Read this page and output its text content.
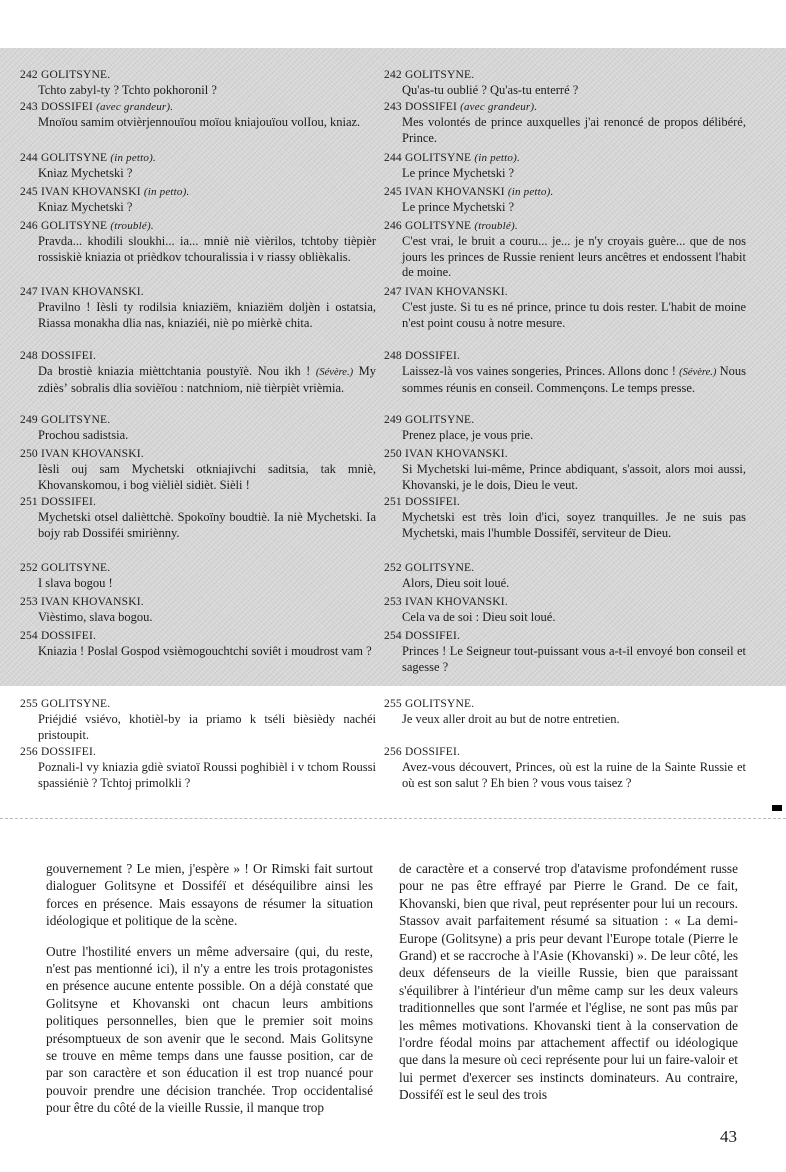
242 GOLITSYNE.
Tchto zabyl-ty ? Tchto pokhoronil ?
242 GOLITSYNE.
Qu'as-tu oublié ? Qu'as-tu enterré ?
243 DOSSIFEI (avec grandeur).
Mnoïou samim otvièrjennouïou moïou kniajouïou volIou, kniaz.
243 DOSSIFEI (avec grandeur).
Mes volontés de prince auxquelles j'ai renoncé de propos délibéré, Prince.
244 GOLITSYNE (in petto).
Kniaz Mychetski ?
244 GOLITSYNE (in petto).
Le prince Mychetski ?
245 IVAN KHOVANSKI (in petto).
Kniaz Mychetski ?
245 IVAN KHOVANSKI (in petto).
Le prince Mychetski ?
246 GOLITSYNE (troublé).
Pravda... khodili sloukhi... ia... mniè niè vièrilos, tchtoby tièpièr rossiskiè kniazia ot prièdkov tchouralissia i v riassy oblièkalis.
246 GOLITSYNE (troublé).
C'est vrai, le bruit a couru... je... je n'y croyais guère... que de nos jours les princes de Russie renient leurs ancêtres et endossent l'habit de moine.
247 IVAN KHOVANSKI.
Pravilno ! Ièsli ty rodilsia kniaziëm, kniaziëm doljèn i ostatsia, Riassa monakha dlia nas, kniaziéi, niè po mièrkè chita.
247 IVAN KHOVANSKI.
C'est juste. Si tu es né prince, prince tu dois rester. L'habit de moine n'est point cousu à notre mesure.
248 DOSSIFEI.
Da brostiè kniazia mièttchtania poustyïè. Nou ikh ! (Sévère.) My zdièsʼ sobralis dlia sovièïou : natchniom, niè tièrpièt vrièmia.
248 DOSSIFEI.
Laissez-là vos vaines songeries, Princes. Allons donc ! (Sévère.) Nous sommes réunis en conseil. Commençons. Le temps presse.
249 GOLITSYNE.
Prochou sadistsia.
249 GOLITSYNE.
Prenez place, je vous prie.
250 IVAN KHOVANSKI.
Ièsli ouj sam Mychetski otkniajivchi saditsia, tak mniè, Khovanskomou, i bog vièlièl sidièt. Sièli !
250 IVAN KHOVANSKI.
Si Mychetski lui-même, Prince abdiquant, s'assoit, alors moi aussi, Khovanski, je le dois, Dieu le veut.
251 DOSSIFEI.
Mychetski otsel dalièttchè. Spokoïny boudtiè. Ia niè Mychetski. Ia bojy rab Dossiféi smiriènny.
251 DOSSIFEI.
Mychetski est très loin d'ici, soyez tranquilles. Je ne suis pas Mychetski, mais l'humble Dossiféï, serviteur de Dieu.
252 GOLITSYNE.
I slava bogou !
252 GOLITSYNE.
Alors, Dieu soit loué.
253 IVAN KHOVANSKI.
Vièstimo, slava bogou.
253 IVAN KHOVANSKI.
Cela va de soi : Dieu soit loué.
254 DOSSIFEI.
Kniazia ! Poslal Gospod vsièmogouchtchi soviêt i moudrost vam ?
254 DOSSIFEI.
Princes ! Le Seigneur tout-puissant vous a-t-il envoyé bon conseil et sagesse ?
255 GOLITSYNE.
Priéjdié vsiévo, khotièl-by ia priamo k tséli bièsièdy nachéi pristoupit.
255 GOLITSYNE.
Je veux aller droit au but de notre entretien.
256 DOSSIFEI.
Poznali-l vy kniazia gdiè sviatoï Roussi poghibièl i v tchom Roussi spassiéniè ? Tchtoj primolkli ?
256 DOSSIFEI.
Avez-vous découvert, Princes, où est la ruine de la Sainte Russie et où est son salut ? Eh bien ? vous vous taisez ?

gouvernement ? Le mien, j'espère » ! Or Rimski fait surtout dialoguer Golitsyne et Dossiféï et déséquilibre ainsi les forces en présence. Mais essayons de résumer la situation idéologique et politique de la scène.

Outre l'hostilité envers un même adversaire (qui, du reste, n'est pas mentionné ici), il n'y a entre les trois protagonistes en présence aucune entente possible. On a déjà constaté que Golitsyne et Khovanski ont chacun leurs ambitions politiques personnelles, bien que le premier soit moins présomptueux de son avenir que le second. Mais Golitsyne se trouve en même temps dans une fausse position, car de par son caractère et son éducation il est trop nuancé pour pouvoir prendre une décision tranchée. Trop occidentalisé pour être du côté de la vieille Russie, il manque trop

de caractère et a conservé trop d'atavisme profondément russe pour ne pas être effrayé par Pierre le Grand. De ce fait, Khovanski, bien que rival, peut représenter pour lui un recours. Stassov avait parfaitement résumé sa situation : « La demi-Europe (Golitsyne) a pris peur devant l'Europe totale (Pierre le Grand) et se raccroche à l'Asie (Khovanski) ». De leur côté, les deux défenseurs de la vieille Russie, bien que paraissant s'équilibrer à l'intérieur d'un même camp sur les deux valeurs traditionnelles que sont l'armée et l'église, ne sont pas mûs par les mêmes motivations. Khovanski tient à la conservation de l'ordre féodal moins par attachement affectif ou idéologique que dans la mesure où ceci représente pour lui un faire-valoir et lui permet d'exercer ses instincts dominateurs. Au contraire, Dossiféï est le seul des trois

43
